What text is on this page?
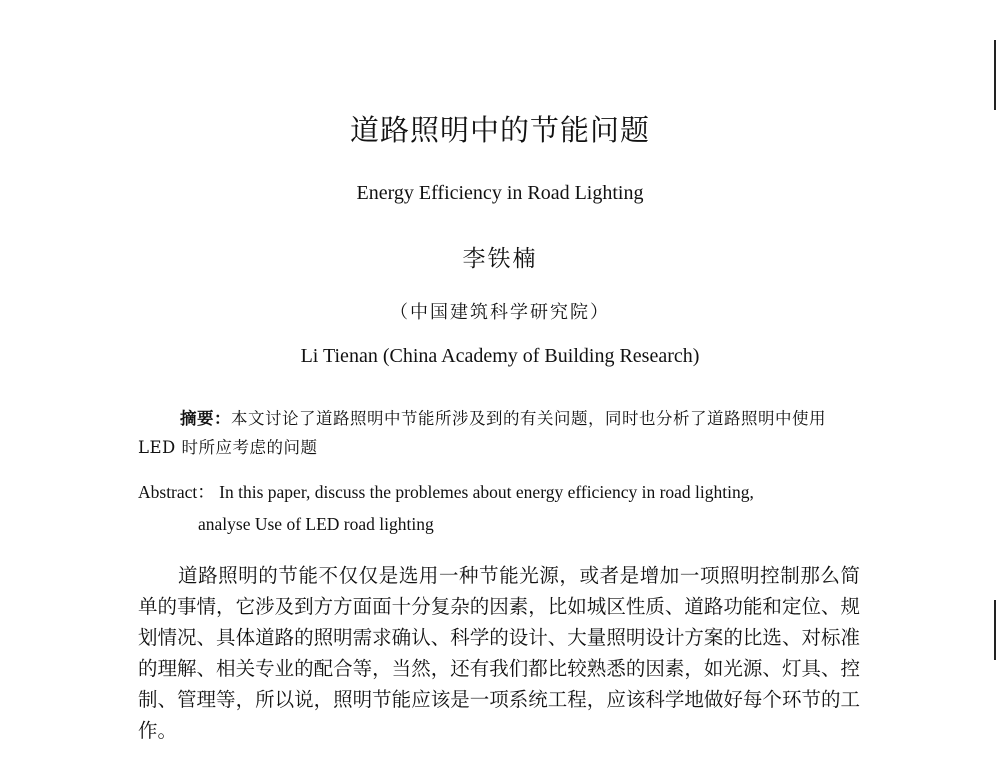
道路照明中的节能问题
Energy Efficiency in Road Lighting
李铁楠
（中国建筑科学研究院）
Li Tienan (China Academy of Building Research)
摘要：本文讨论了道路照明中节能所涉及到的有关问题，同时也分析了道路照明中使用 LED 时所应考虑的问题
Abstract： In this paper, discuss the problemes about energy efficiency in road lighting,
analyse Use of LED road lighting
道路照明的节能不仅仅是选用一种节能光源，或者是增加一项照明控制那么简单的事情，它涉及到方方面面十分复杂的因素，比如城区性质、道路功能和定位、规划情况、具体道路的照明需求确认、科学的设计、大量照明设计方案的比选、对标准的理解、相关专业的配合等，当然，还有我们都比较熟悉的因素，如光源、灯具、控制、管理等，所以说，照明节能应该是一项系统工程，应该科学地做好每个环节的工作。
